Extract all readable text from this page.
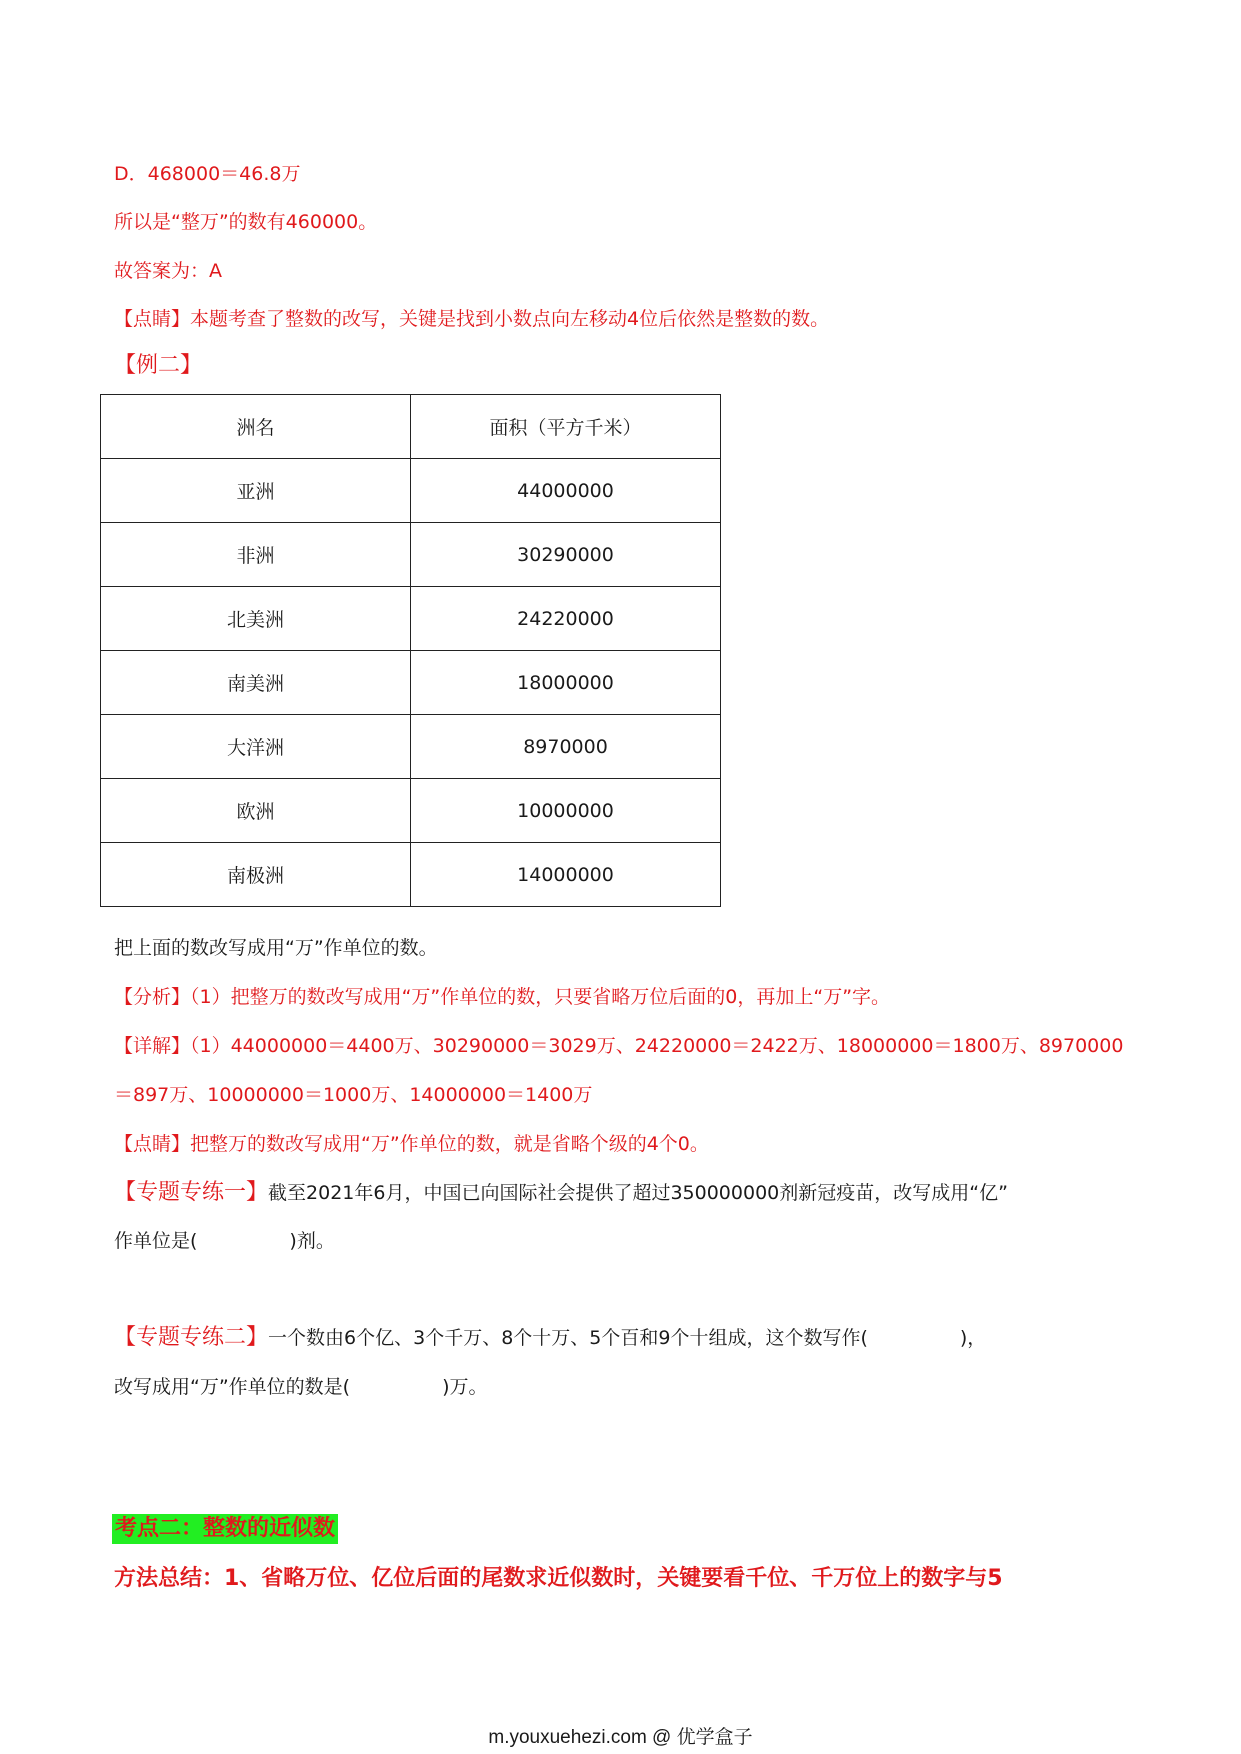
D．468000＝46.8万
所以是“整万”的数有460000。
故答案为：A
【点睛】本题考查了整数的改写，关键是找到小数点向左移动4位后依然是整数的数。
【例二】
洲名	面积（平方千米）
亚洲	44000000
非洲	30290000
北美洲	24220000
南美洲	18000000
大洋洲	8970000
欧洲	10000000
南极洲	14000000
把上面的数改写成用“万”作单位的数。
【分析】（1）把整万的数改写成用“万”作单位的数，只要省略万位后面的0，再加上“万”字。
【详解】（1）44000000＝4400万、30290000＝3029万、24220000＝2422万、18000000＝1800万、8970000
＝897万、10000000＝1000万、14000000＝1400万
【点睛】把整万的数改写成用“万”作单位的数，就是省略个级的4个0。
【专题专练一】截至2021年6月，中国已向国际社会提供了超过350000000剂新冠疫苗，改写成用“亿”
作单位是(	)剂。
【专题专练二】一个数由6个亿、3个千万、8个十万、5个百和9个十组成，这个数写作(	)，
改写成用“万”作单位的数是(	)万。
考点二：整数的近似数
方法总结：1、省略万位、亿位后面的尾数求近似数时，关键要看千位、千万位上的数字与5
m.youxuehezi.com @ 优学盒子
